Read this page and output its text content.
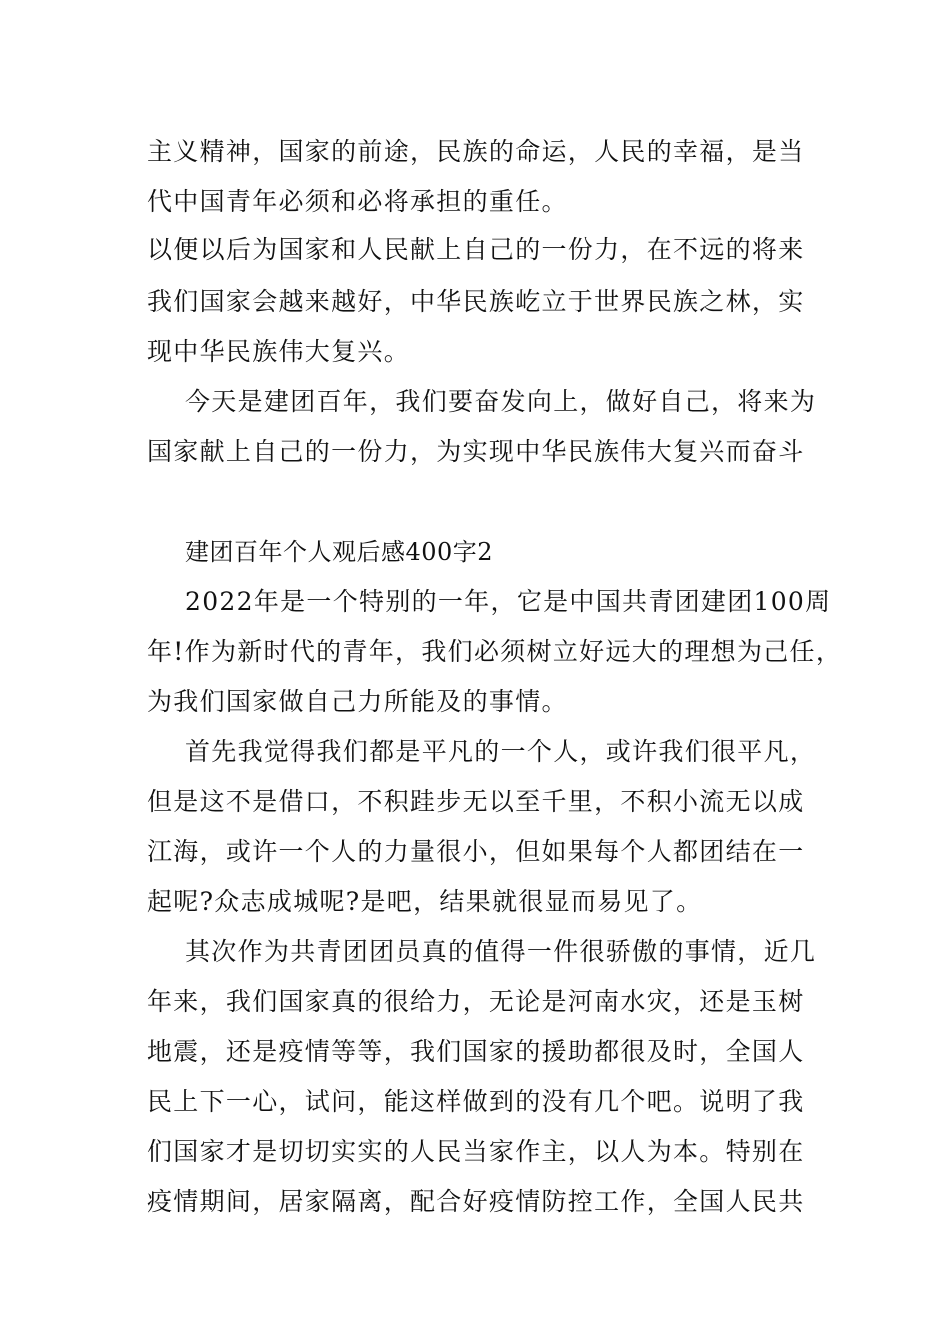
主义精神，国家的前途，民族的命运，人民的幸福，是当
代中国青年必须和必将承担的重任。
以便以后为国家和人民献上自己的一份力，在不远的将来
我们国家会越来越好，中华民族屹立于世界民族之林，实
现中华民族伟大复兴。
今天是建团百年，我们要奋发向上，做好自己，将来为
国家献上自己的一份力，为实现中华民族伟大复兴而奋斗
建团百年个人观后感400字2
2022年是一个特别的一年，它是中国共青团建团100周
年!作为新时代的青年，我们必须树立好远大的理想为己任，
为我们国家做自己力所能及的事情。
首先我觉得我们都是平凡的一个人，或许我们很平凡，
但是这不是借口，不积跬步无以至千里，不积小流无以成
江海，或许一个人的力量很小，但如果每个人都团结在一
起呢?众志成城呢?是吧，结果就很显而易见了。
其次作为共青团团员真的值得一件很骄傲的事情，近几
年来，我们国家真的很给力，无论是河南水灾，还是玉树
地震，还是疫情等等，我们国家的援助都很及时，全国人
民上下一心，试问，能这样做到的没有几个吧。说明了我
们国家才是切切实实的人民当家作主，以人为本。特别在
疫情期间，居家隔离，配合好疫情防控工作，全国人民共
